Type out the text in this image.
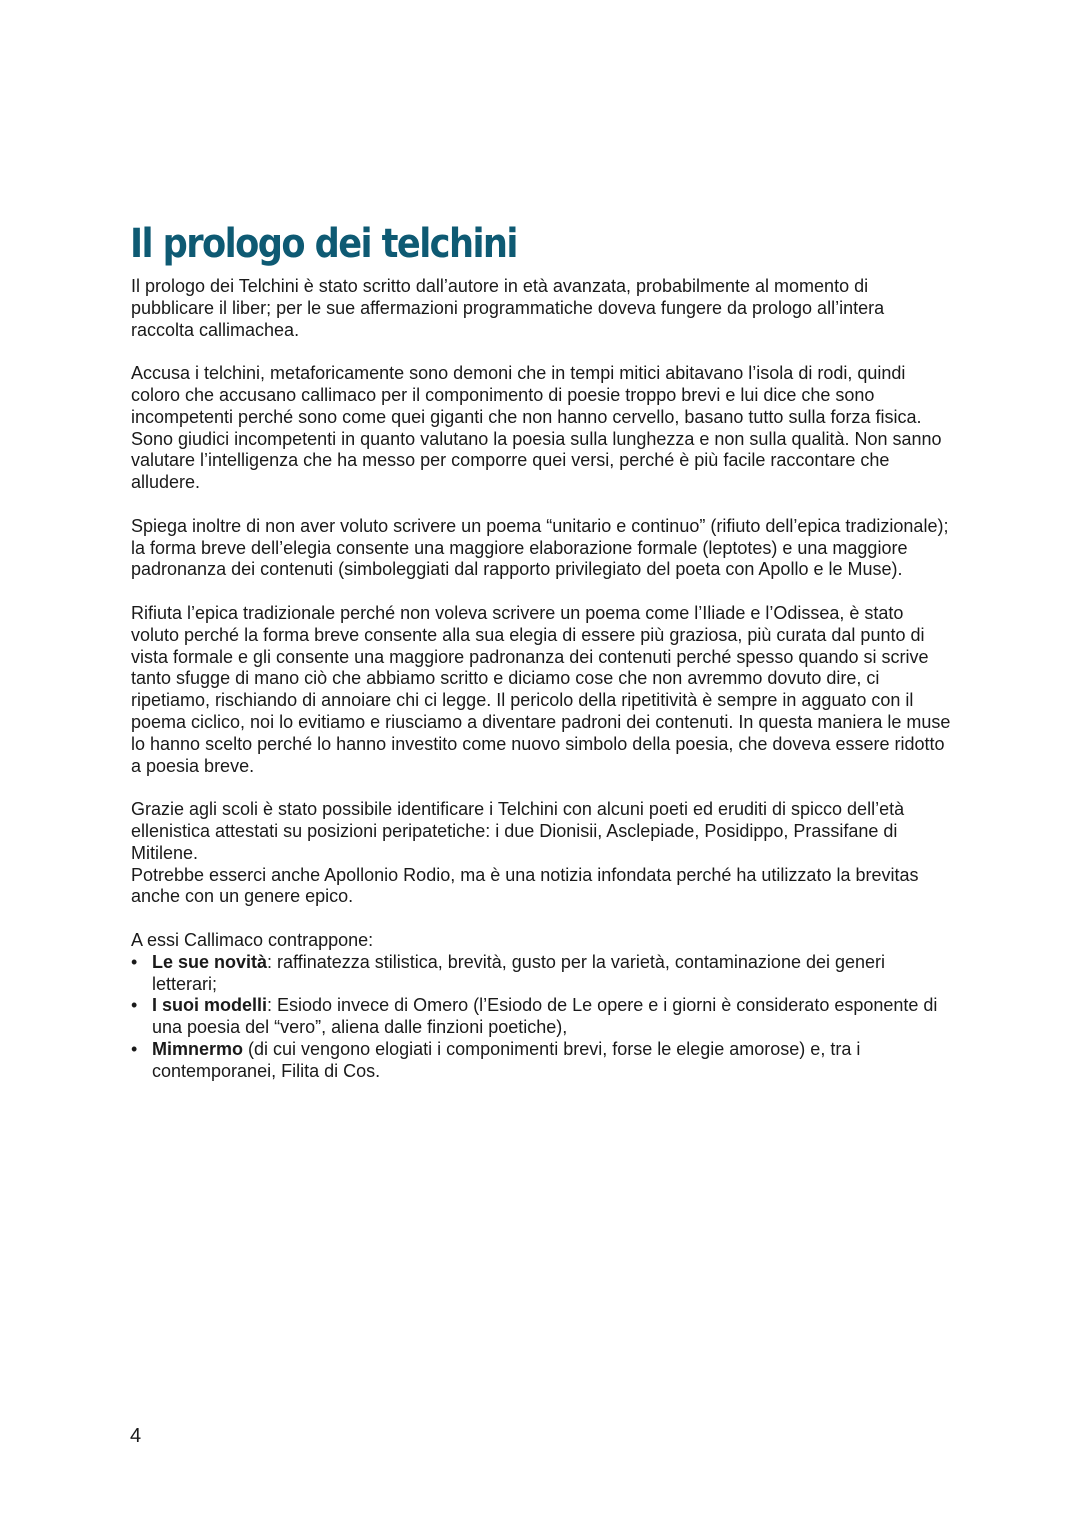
Il prologo dei telchini

Il prologo dei Telchini è stato scritto dall’autore in età avanzata, probabilmente al momento di pubblicare il liber; per le sue affermazioni programmatiche doveva fungere da prologo all’intera raccolta callimachea.

Accusa i telchini, metaforicamente sono demoni che in tempi mitici abitavano l’isola di rodi, quindi coloro che accusano callimaco per il componimento di poesie troppo brevi e lui dice che sono incompetenti perché sono come quei giganti che non hanno cervello, basano tutto sulla forza fisica. Sono giudici incompetenti in quanto valutano la poesia sulla lunghezza e non sulla qualità. Non sanno valutare l’intelligenza che ha messo per comporre quei versi, perché è più facile raccontare che alludere.

Spiega inoltre di non aver voluto scrivere un poema “unitario e continuo” (rifiuto dell’epica tradizionale); la forma breve dell’elegia consente una maggiore elaborazione formale (leptotes) e una maggiore padronanza dei contenuti (simboleggiati dal rapporto privilegiato del poeta con Apollo e le Muse).

Rifiuta l’epica tradizionale perché non voleva scrivere un poema come l’Iliade e l’Odissea, è stato voluto perché la forma breve consente alla sua elegia di essere più graziosa, più curata dal punto di vista formale e gli consente una maggiore padronanza dei contenuti perché spesso quando si scrive tanto sfugge di mano ciò che abbiamo scritto e diciamo cose che non avremmo dovuto dire, ci ripetiamo, rischiando di annoiare chi ci legge. Il pericolo della ripetitività è sempre in agguato con il poema ciclico, noi lo evitiamo e riusciamo a diventare padroni dei contenuti. In questa maniera le muse lo hanno scelto perché lo hanno investito come nuovo simbolo della poesia, che doveva essere ridotto a poesia breve.

Grazie agli scoli è stato possibile identificare i Telchini con alcuni poeti ed eruditi di spicco dell’età ellenistica attestati su posizioni peripatetiche: i due Dionisii, Asclepiade, Posidippo, Prassifane di Mitilene.

Potrebbe esserci anche Apollonio Rodio, ma è una notizia infondata perché ha utilizzato la brevitas anche con un genere epico.

A essi Callimaco contrappone:

• Le sue novità: raffinatezza stilistica, brevità, gusto per la varietà, contaminazione dei generi letterari;
• I suoi modelli: Esiodo invece di Omero (l’Esiodo de Le opere e i giorni è considerato esponente di una poesia del “vero”, aliena dalle finzioni poetiche),
• Mimnermo (di cui vengono elogiati i componimenti brevi, forse le elegie amorose) e, tra i contemporanei, Filita di Cos.
4
